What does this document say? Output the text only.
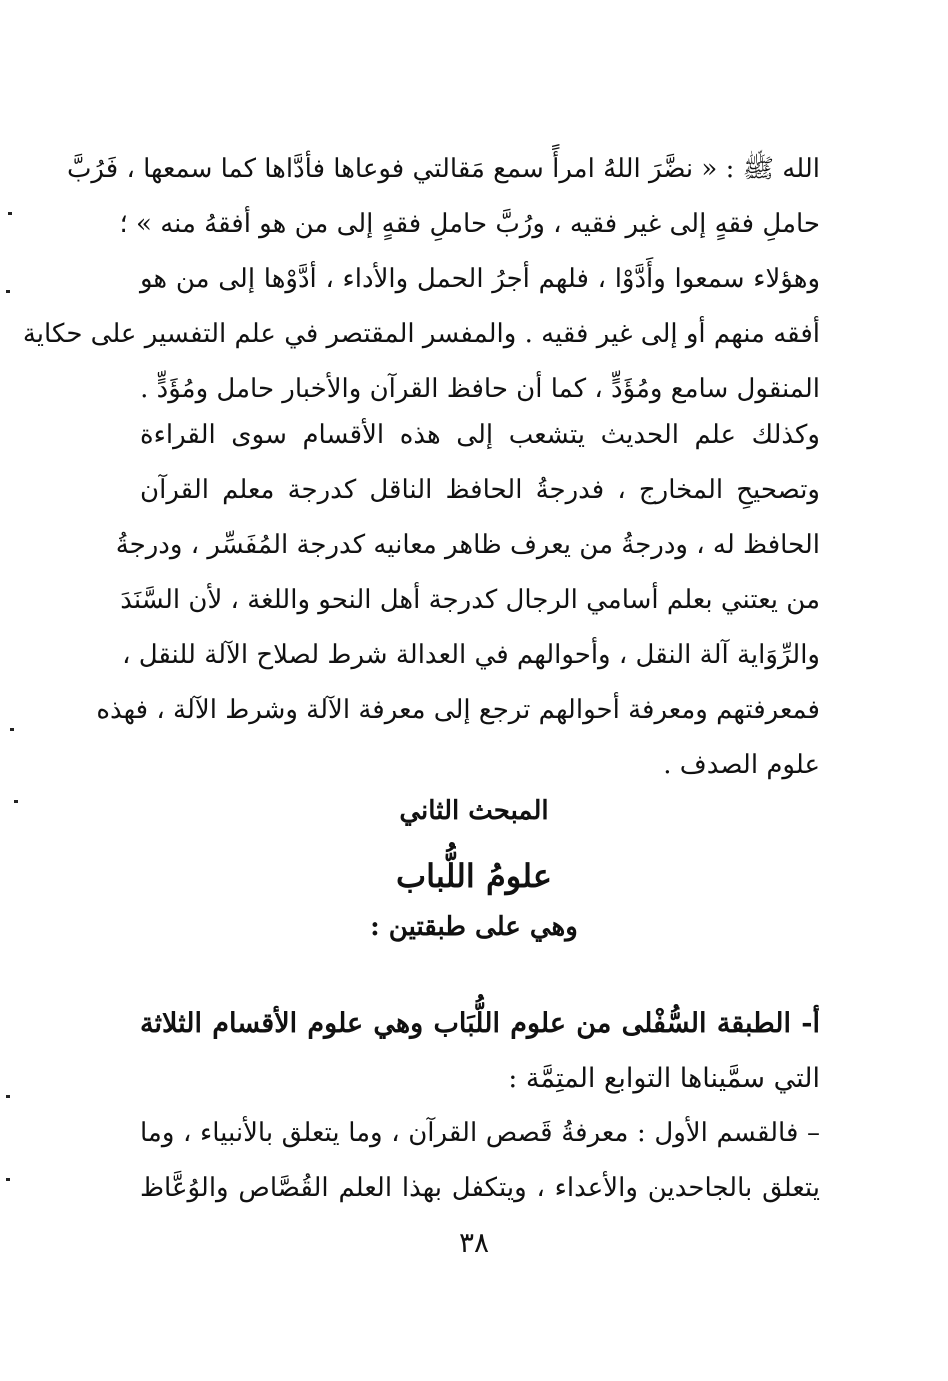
الله ﷺ : « نضَّرَ اللهُ امرأً سمع مَقالتي فوعاها فأدَّاها كما سمعها ، فَرُبَّ
حاملِ فقهٍ إلى غير فقيه ، ورُبَّ حاملِ فقهٍ إلى من هو أفقهُ منه » ؛
وهؤلاء سمعوا وأَدَّوْا ، فلهم أجرُ الحمل والأداء ، أدَّوْها إلى من هو
أفقه منهم أو إلى غير فقيه . والمفسر المقتصر في علم التفسير على حكاية
المنقول سامع ومُؤَدٍّ ، كما أن حافظ القرآن والأخبار حامل ومُؤَدٍّ .

وكذلك علم الحديث يتشعب إلى هذه الأقسام سوى القراءة
وتصحيحِ المخارج ، فدرجةُ الحافظ الناقل كدرجة معلم القرآن
الحافظ له ، ودرجةُ من يعرف ظاهر معانيه كدرجة المُفَسِّر ، ودرجةُ
من يعتني بعلم أسامي الرجال كدرجة أهل النحو واللغة ، لأن السَّنَدَ
والرِّوَاية آلة النقل ، وأحوالهم في العدالة شرط لصلاح الآلة للنقل ،
فمعرفتهم ومعرفة أحوالهم ترجع إلى معرفة الآلة وشرط الآلة ، فهذه
علوم الصدف .

المبحث الثاني
علومُ اللُّباب
وهي على طبقتين :

أ- الطبقة السُّفْلى من علوم اللُّبَاب وهي علوم الأقسام الثلاثة
التي سمَّيناها التوابع المتِمَّة :

– فالقسم الأول : معرفةُ قَصص القرآن ، وما يتعلق بالأنبياء ، وما
يتعلق بالجاحدين والأعداء ، ويتكفل بهذا العلم القُصَّاص والوُعَّاظ

٣٨
